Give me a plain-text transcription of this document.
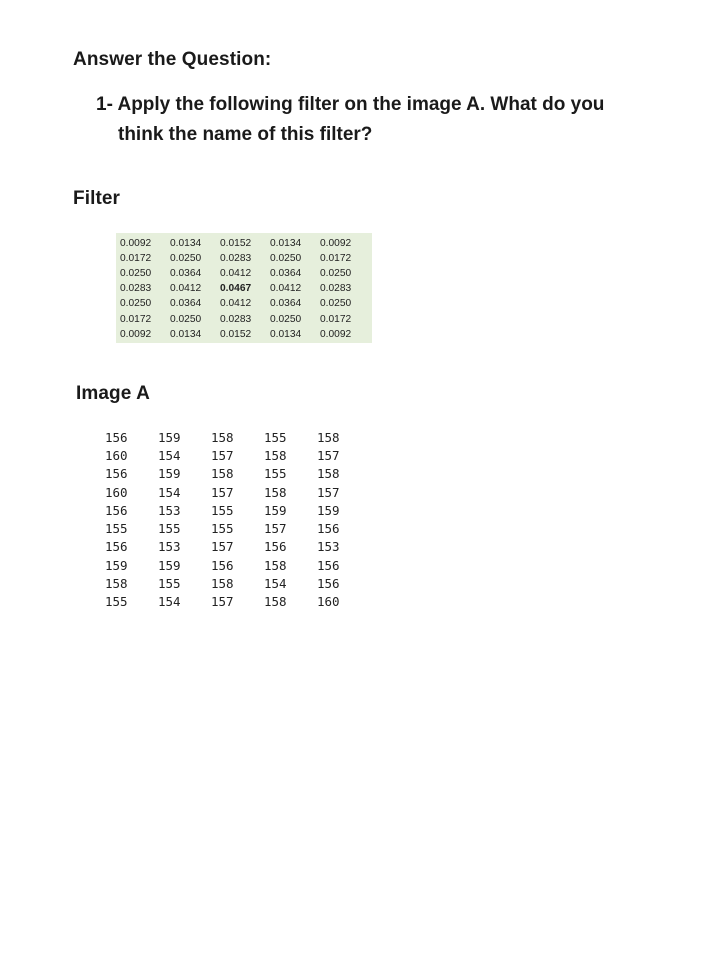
Answer the Question:
1- Apply the following filter on the image A. What do you
think the name of this filter?
Filter
0.0092	0.0134	0.0152	0.0134	0.0092
0.0172	0.0250	0.0283	0.0250	0.0172
0.0250	0.0364	0.0412	0.0364	0.0250
0.0283	0.0412	0.0467	0.0412	0.0283
0.0250	0.0364	0.0412	0.0364	0.0250
0.0172	0.0250	0.0283	0.0250	0.0172
0.0092	0.0134	0.0152	0.0134	0.0092
Image A
156	159	158	155	158
160	154	157	158	157
156	159	158	155	158
160	154	157	158	157
156	153	155	159	159
155	155	155	157	156
156	153	157	156	153
159	159	156	158	156
158	155	158	154	156
155	154	157	158	160
